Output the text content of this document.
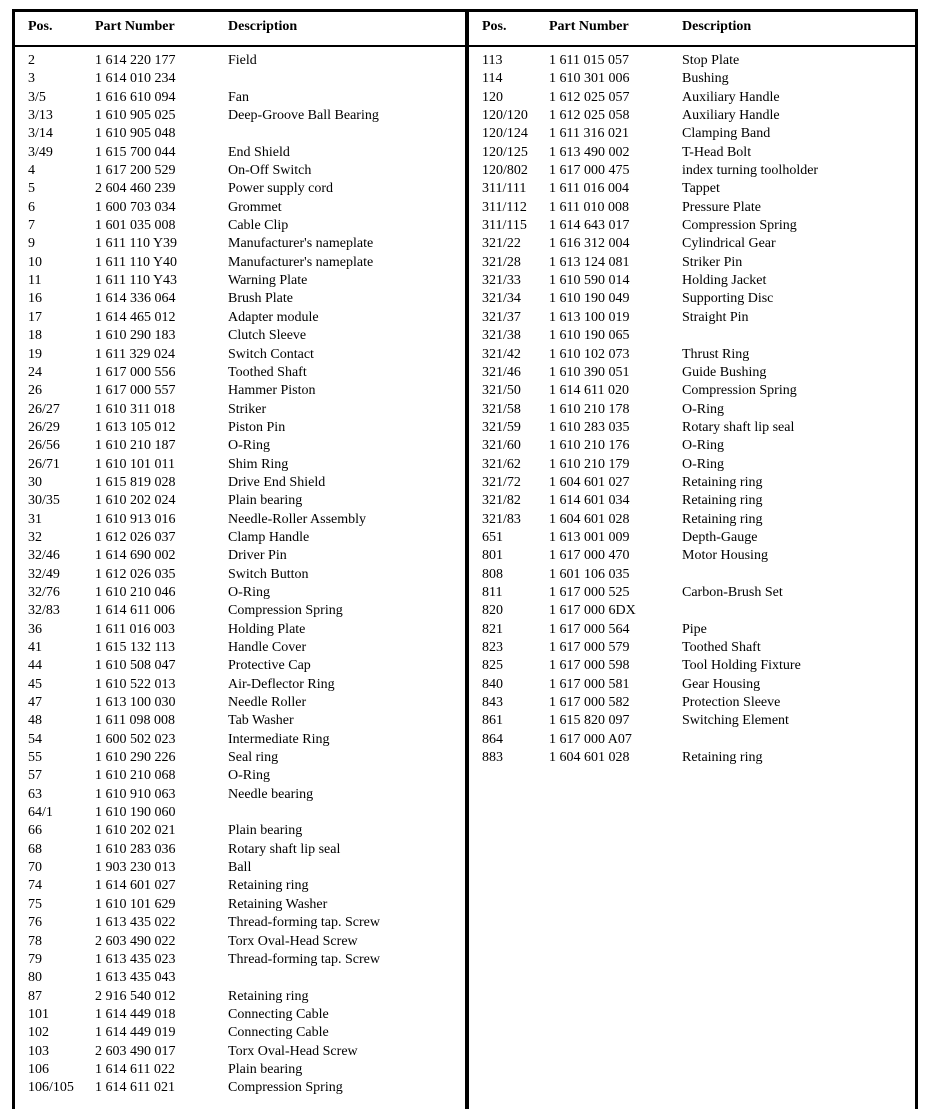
Pos.	Part Number	Description
2	1 614 220 177	Field
3	1 614 010 234
3/5	1 616 610 094	Fan
3/13	1 610 905 025	Deep-Groove Ball Bearing
3/14	1 610 905 048
3/49	1 615 700 044	End Shield
4	1 617 200 529	On-Off Switch
5	2 604 460 239	Power supply cord
6	1 600 703 034	Grommet
7	1 601 035 008	Cable Clip
9	1 611 110 Y39	Manufacturer's nameplate
10	1 611 110 Y40	Manufacturer's nameplate
11	1 611 110 Y43	Warning Plate
16	1 614 336 064	Brush Plate
17	1 614 465 012	Adapter module
18	1 610 290 183	Clutch Sleeve
19	1 611 329 024	Switch Contact
24	1 617 000 556	Toothed Shaft
26	1 617 000 557	Hammer Piston
26/27	1 610 311 018	Striker
26/29	1 613 105 012	Piston Pin
26/56	1 610 210 187	O-Ring
26/71	1 610 101 011	Shim Ring
30	1 615 819 028	Drive End Shield
30/35	1 610 202 024	Plain bearing
31	1 610 913 016	Needle-Roller Assembly
32	1 612 026 037	Clamp Handle
32/46	1 614 690 002	Driver Pin
32/49	1 612 026 035	Switch Button
32/76	1 610 210 046	O-Ring
32/83	1 614 611 006	Compression Spring
36	1 611 016 003	Holding Plate
41	1 615 132 113	Handle Cover
44	1 610 508 047	Protective Cap
45	1 610 522 013	Air-Deflector Ring
47	1 613 100 030	Needle Roller
48	1 611 098 008	Tab Washer
54	1 600 502 023	Intermediate Ring
55	1 610 290 226	Seal ring
57	1 610 210 068	O-Ring
63	1 610 910 063	Needle bearing
64/1	1 610 190 060
66	1 610 202 021	Plain bearing
68	1 610 283 036	Rotary shaft lip seal
70	1 903 230 013	Ball
74	1 614 601 027	Retaining ring
75	1 610 101 629	Retaining Washer
76	1 613 435 022	Thread-forming tap. Screw
78	2 603 490 022	Torx Oval-Head Screw
79	1 613 435 023	Thread-forming tap. Screw
80	1 613 435 043
87	2 916 540 012	Retaining ring
101	1 614 449 018	Connecting Cable
102	1 614 449 019	Connecting Cable
103	2 603 490 017	Torx Oval-Head Screw
106	1 614 611 022	Plain bearing
106/105 1 614 611 021	Compression Spring
Pos.	Part Number	Description
113	1 611 015 057	Stop Plate
114	1 610 301 006	Bushing
120	1 612 025 057	Auxiliary Handle
120/120 1 612 025 058	Auxiliary Handle
120/124 1 611 316 021	Clamping Band
120/125 1 613 490 002	T-Head Bolt
120/802 1 617 000 475	index turning toolholder
311/111 1 611 016 004	Tappet
311/112 1 611 010 008	Pressure Plate
311/115 1 614 643 017	Compression Spring
321/22 1 616 312 004	Cylindrical Gear
321/28 1 613 124 081	Striker Pin
321/33 1 610 590 014	Holding Jacket
321/34 1 610 190 049	Supporting Disc
321/37 1 613 100 019	Straight Pin
321/38 1 610 190 065
321/42 1 610 102 073	Thrust Ring
321/46 1 610 390 051	Guide Bushing
321/50 1 614 611 020	Compression Spring
321/58 1 610 210 178	O-Ring
321/59 1 610 283 035	Rotary shaft lip seal
321/60 1 610 210 176	O-Ring
321/62 1 610 210 179	O-Ring
321/72 1 604 601 027	Retaining ring
321/82 1 614 601 034	Retaining ring
321/83 1 604 601 028	Retaining ring
651	1 613 001 009	Depth-Gauge
801	1 617 000 470	Motor Housing
808	1 601 106 035
811	1 617 000 525	Carbon-Brush Set
820	1 617 000 6DX
821	1 617 000 564	Pipe
823	1 617 000 579	Toothed Shaft
825	1 617 000 598	Tool Holding Fixture
840	1 617 000 581	Gear Housing
843	1 617 000 582	Protection Sleeve
861	1 615 820 097	Switching Element
864	1 617 000 A07
883	1 604 601 028	Retaining ring
